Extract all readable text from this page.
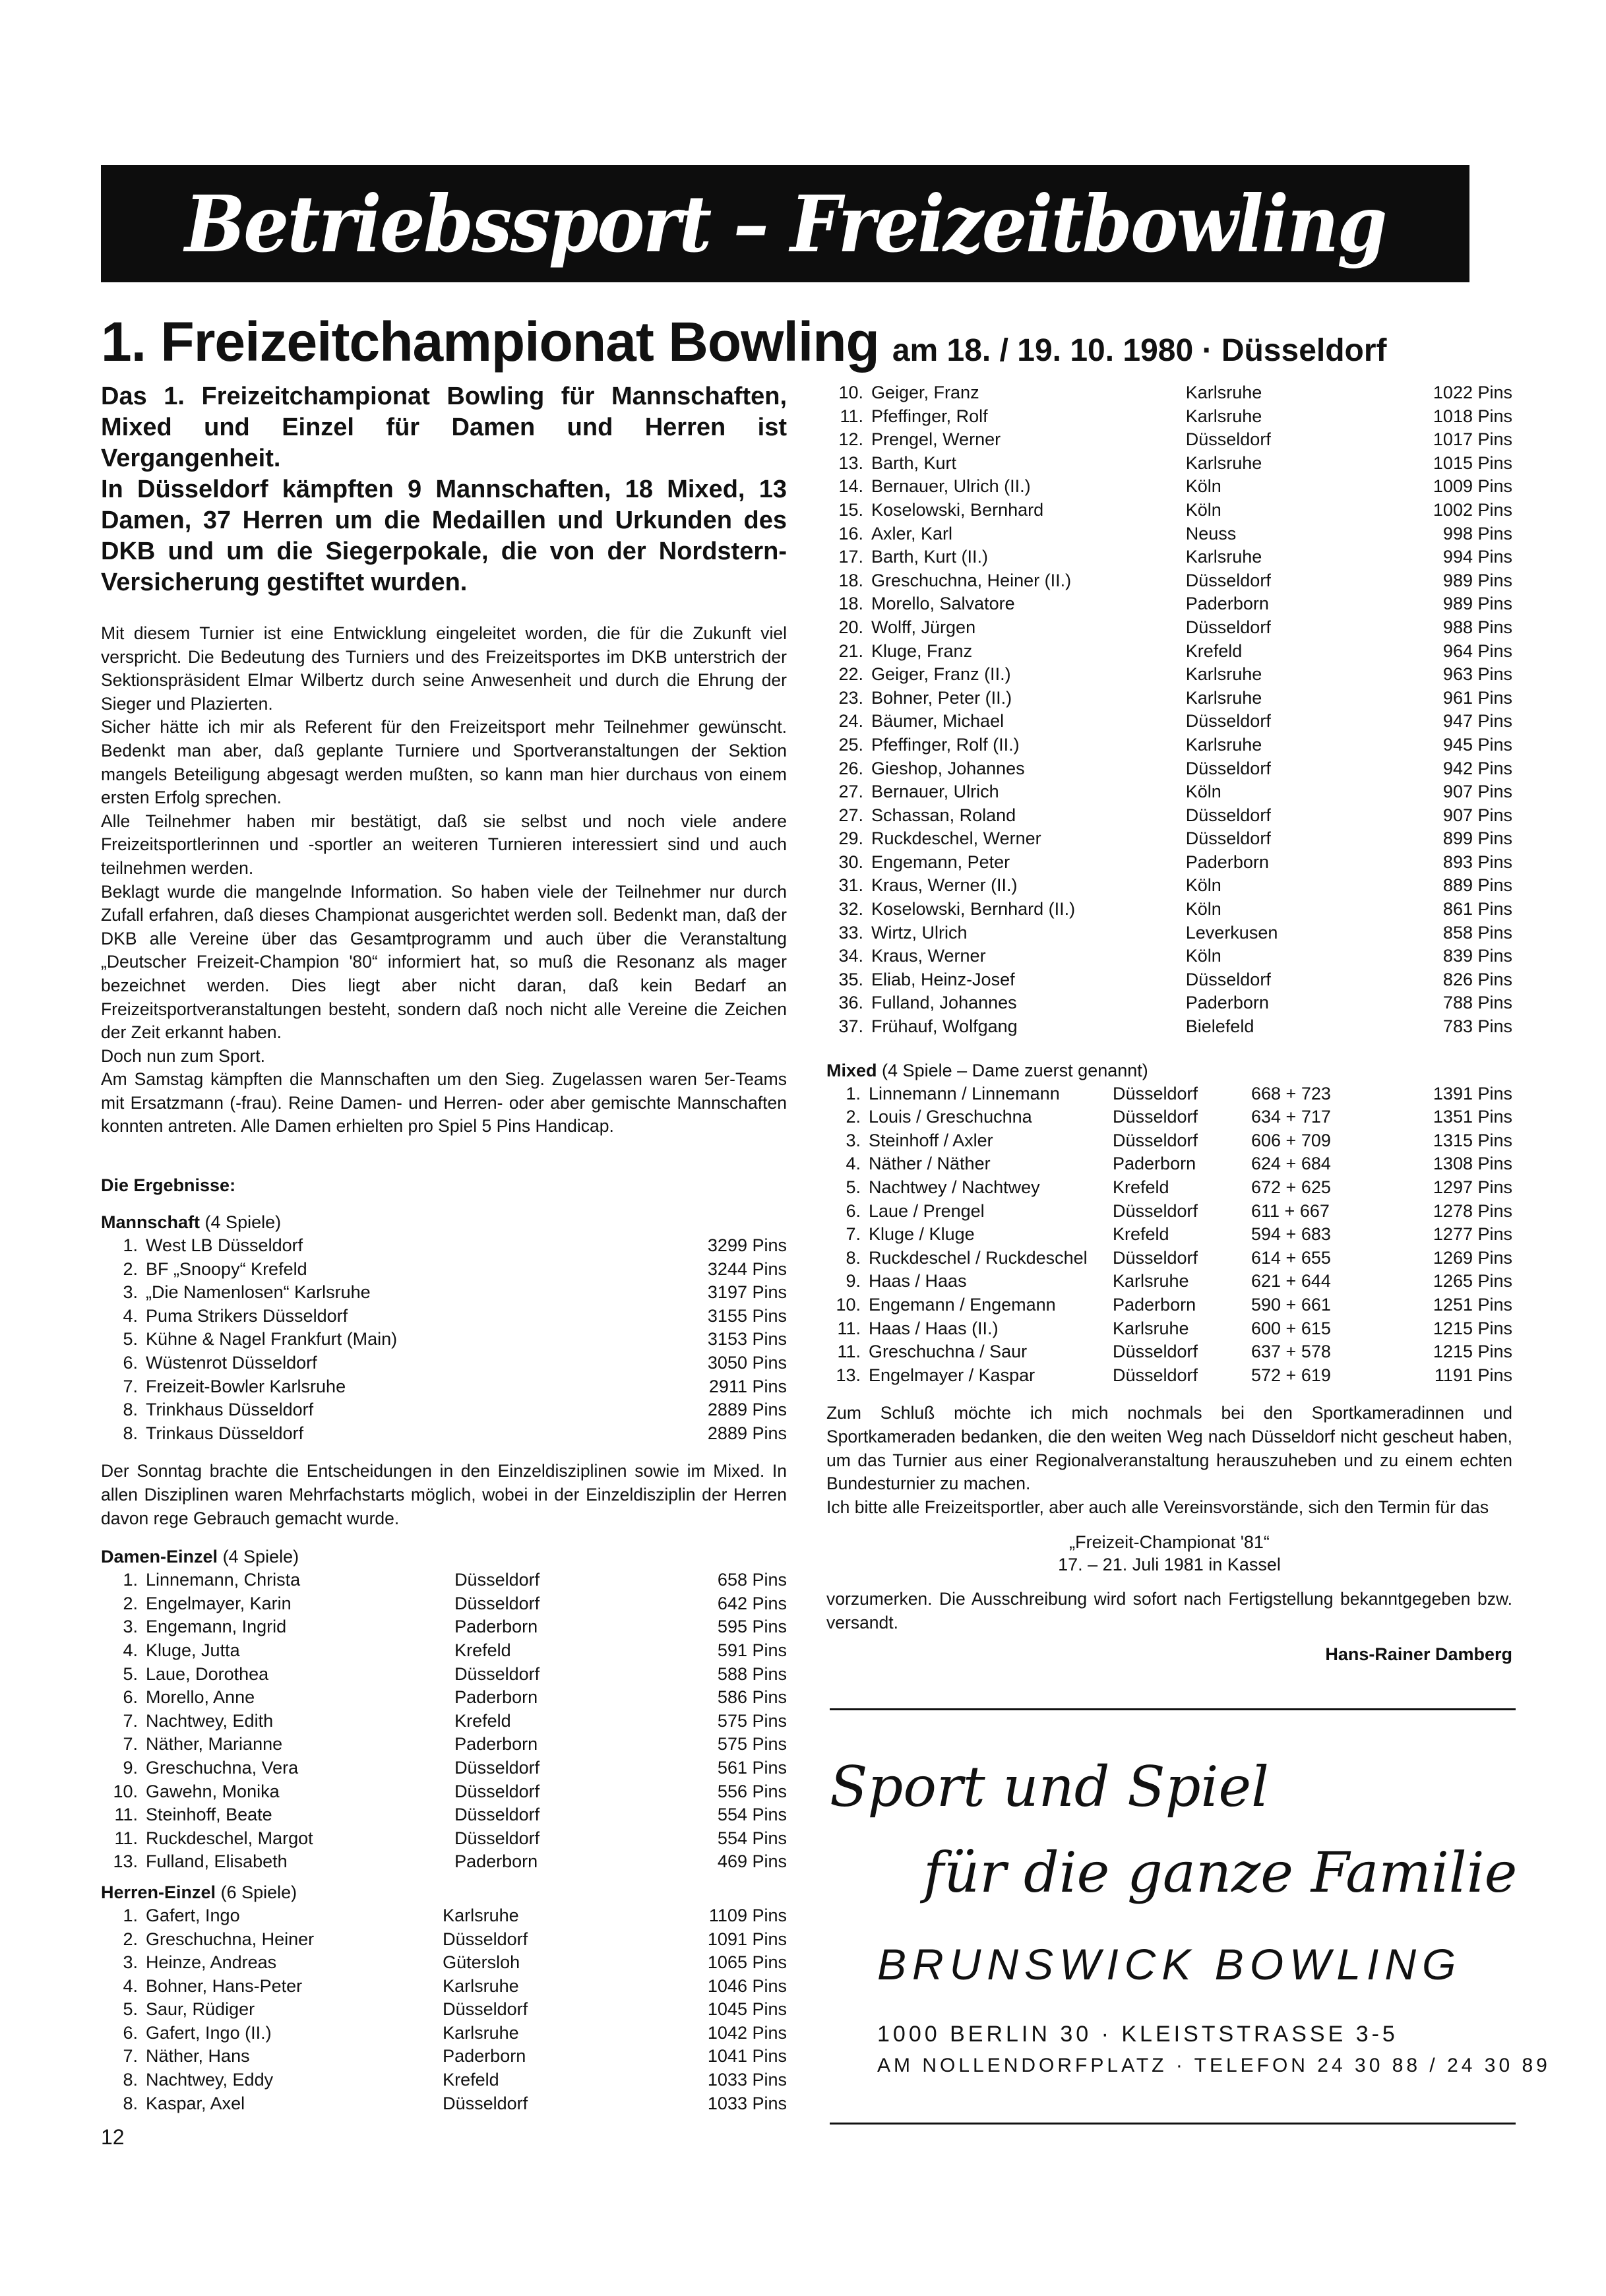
Betriebssport – Freizeitbowling
1. Freizeitchampionat Bowling am 18. / 19. 10. 1980 · Düsseldorf
Das 1. Freizeitchampionat Bowling für Mannschaften, Mixed und Einzel für Damen und Herren ist Vergangenheit.
In Düsseldorf kämpften 9 Mannschaften, 18 Mixed, 13 Damen, 37 Herren um die Medaillen und Urkunden des DKB und um die Siegerpokale, die von der Nordstern-Versicherung gestiftet wurden.

Mit diesem Turnier ist eine Entwicklung eingeleitet worden, die für die Zukunft viel verspricht. Die Bedeutung des Turniers und des Freizeitsportes im DKB unterstrich der Sektionspräsident Elmar Wilbertz durch seine Anwesenheit und durch die Ehrung der Sieger und Plazierten.

Sicher hätte ich mir als Referent für den Freizeitsport mehr Teilnehmer gewünscht. Bedenkt man aber, daß geplante Turniere und Sportveranstaltungen der Sektion mangels Beteiligung abgesagt werden mußten, so kann man hier durchaus von einem ersten Erfolg sprechen.

Alle Teilnehmer haben mir bestätigt, daß sie selbst und noch viele andere Freizeitsportlerinnen und -sportler an weiteren Turnieren interessiert sind und auch teilnehmen werden.

Beklagt wurde die mangelnde Information. So haben viele der Teilnehmer nur durch Zufall erfahren, daß dieses Championat ausgerichtet werden soll. Bedenkt man, daß der DKB alle Vereine über das Gesamtprogramm und auch über die Veranstaltung „Deutscher Freizeit-Champion '80“ informiert hat, so muß die Resonanz als mager bezeichnet werden. Dies liegt aber nicht daran, daß kein Bedarf an Freizeitsportveranstaltungen besteht, sondern daß noch nicht alle Vereine die Zeichen der Zeit erkannt haben.

Doch nun zum Sport.

Am Samstag kämpften die Mannschaften um den Sieg. Zugelassen waren 5er-Teams mit Ersatzmann (-frau). Reine Damen- und Herren- oder aber gemischte Mannschaften konnten antreten. Alle Damen erhielten pro Spiel 5 Pins Handicap.

Die Ergebnisse:
Mannschaft (4 Spiele)
1.	West LB Düsseldorf	3299 Pins
2.	BF „Snoopy“ Krefeld	3244 Pins
3.	„Die Namenlosen“ Karlsruhe	3197 Pins
4.	Puma Strikers Düsseldorf	3155 Pins
5.	Kühne & Nagel Frankfurt (Main)	3153 Pins
6.	Wüstenrot Düsseldorf	3050 Pins
7.	Freizeit-Bowler Karlsruhe	2911 Pins
8.	Trinkhaus Düsseldorf	2889 Pins
8.	Trinkaus Düsseldorf	2889 Pins
Der Sonntag brachte die Entscheidungen in den Einzeldisziplinen sowie im Mixed. In allen Disziplinen waren Mehrfachstarts möglich, wobei in der Einzeldisziplin der Herren davon rege Gebrauch gemacht wurde.
Damen-Einzel (4 Spiele)
1.	Linnemann, Christa	Düsseldorf	658 Pins
2.	Engelmayer, Karin	Düsseldorf	642 Pins
3.	Engemann, Ingrid	Paderborn	595 Pins
4.	Kluge, Jutta	Krefeld	591 Pins
5.	Laue, Dorothea	Düsseldorf	588 Pins
6.	Morello, Anne	Paderborn	586 Pins
7.	Nachtwey, Edith	Krefeld	575 Pins
7.	Näther, Marianne	Paderborn	575 Pins
9.	Greschuchna, Vera	Düsseldorf	561 Pins
10.	Gawehn, Monika	Düsseldorf	556 Pins
11.	Steinhoff, Beate	Düsseldorf	554 Pins
11.	Ruckdeschel, Margot	Düsseldorf	554 Pins
13.	Fulland, Elisabeth	Paderborn	469 Pins
Herren-Einzel (6 Spiele)
1.	Gafert, Ingo	Karlsruhe	1109 Pins
2.	Greschuchna, Heiner	Düsseldorf	1091 Pins
3.	Heinze, Andreas	Gütersloh	1065 Pins
4.	Bohner, Hans-Peter	Karlsruhe	1046 Pins
5.	Saur, Rüdiger	Düsseldorf	1045 Pins
6.	Gafert, Ingo (II.)	Karlsruhe	1042 Pins
7.	Näther, Hans	Paderborn	1041 Pins
8.	Nachtwey, Eddy	Krefeld	1033 Pins
8.	Kaspar, Axel	Düsseldorf	1033 Pins
10.	Geiger, Franz	Karlsruhe	1022 Pins
11.	Pfeffinger, Rolf	Karlsruhe	1018 Pins
12.	Prengel, Werner	Düsseldorf	1017 Pins
13.	Barth, Kurt	Karlsruhe	1015 Pins
14.	Bernauer, Ulrich (II.)	Köln	1009 Pins
15.	Koselowski, Bernhard	Köln	1002 Pins
16.	Axler, Karl	Neuss	998 Pins
17.	Barth, Kurt (II.)	Karlsruhe	994 Pins
18.	Greschuchna, Heiner (II.)	Düsseldorf	989 Pins
18.	Morello, Salvatore	Paderborn	989 Pins
20.	Wolff, Jürgen	Düsseldorf	988 Pins
21.	Kluge, Franz	Krefeld	964 Pins
22.	Geiger, Franz (II.)	Karlsruhe	963 Pins
23.	Bohner, Peter (II.)	Karlsruhe	961 Pins
24.	Bäumer, Michael	Düsseldorf	947 Pins
25.	Pfeffinger, Rolf (II.)	Karlsruhe	945 Pins
26.	Gieshop, Johannes	Düsseldorf	942 Pins
27.	Bernauer, Ulrich	Köln	907 Pins
27.	Schassan, Roland	Düsseldorf	907 Pins
29.	Ruckdeschel, Werner	Düsseldorf	899 Pins
30.	Engemann, Peter	Paderborn	893 Pins
31.	Kraus, Werner (II.)	Köln	889 Pins
32.	Koselowski, Bernhard (II.)	Köln	861 Pins
33.	Wirtz, Ulrich	Leverkusen	858 Pins
34.	Kraus, Werner	Köln	839 Pins
35.	Eliab, Heinz-Josef	Düsseldorf	826 Pins
36.	Fulland, Johannes	Paderborn	788 Pins
37.	Frühauf, Wolfgang	Bielefeld	783 Pins
Mixed (4 Spiele – Dame zuerst genannt)
1.	Linnemann / Linnemann	Düsseldorf	668 + 723	1391 Pins
2.	Louis / Greschuchna	Düsseldorf	634 + 717	1351 Pins
3.	Steinhoff / Axler	Düsseldorf	606 + 709	1315 Pins
4.	Näther / Näther	Paderborn	624 + 684	1308 Pins
5.	Nachtwey / Nachtwey	Krefeld	672 + 625	1297 Pins
6.	Laue / Prengel	Düsseldorf	611 + 667	1278 Pins
7.	Kluge / Kluge	Krefeld	594 + 683	1277 Pins
8.	Ruckdeschel / Ruckdeschel	Düsseldorf	614 + 655	1269 Pins
9.	Haas / Haas	Karlsruhe	621 + 644	1265 Pins
10.	Engemann / Engemann	Paderborn	590 + 661	1251 Pins
11.	Haas / Haas (II.)	Karlsruhe	600 + 615	1215 Pins
11.	Greschuchna / Saur	Düsseldorf	637 + 578	1215 Pins
13.	Engelmayer / Kaspar	Düsseldorf	572 + 619	1191 Pins

Zum Schluß möchte ich mich nochmals bei den Sportkameradinnen und Sportkameraden bedanken, die den weiten Weg nach Düsseldorf nicht gescheut haben, um das Turnier aus einer Regionalveranstaltung herauszuheben und zu einem echten Bundesturnier zu machen.

Ich bitte alle Freizeitsportler, aber auch alle Vereinsvorstände, sich den Termin für das

„Freizeit-Championat '81“
17. – 21. Juli 1981 in Kassel
vorzumerken. Die Ausschreibung wird sofort nach Fertigstellung bekanntgegeben bzw. versandt.
Hans-Rainer Damberg
Sport und Spiel
für die ganze Familie
BRUNSWICK BOWLING
1000 BERLIN 30 · KLEISTSTRASSE 3-5
AM NOLLENDORFPLATZ · TELEFON 24 30 88 / 24 30 89
12
